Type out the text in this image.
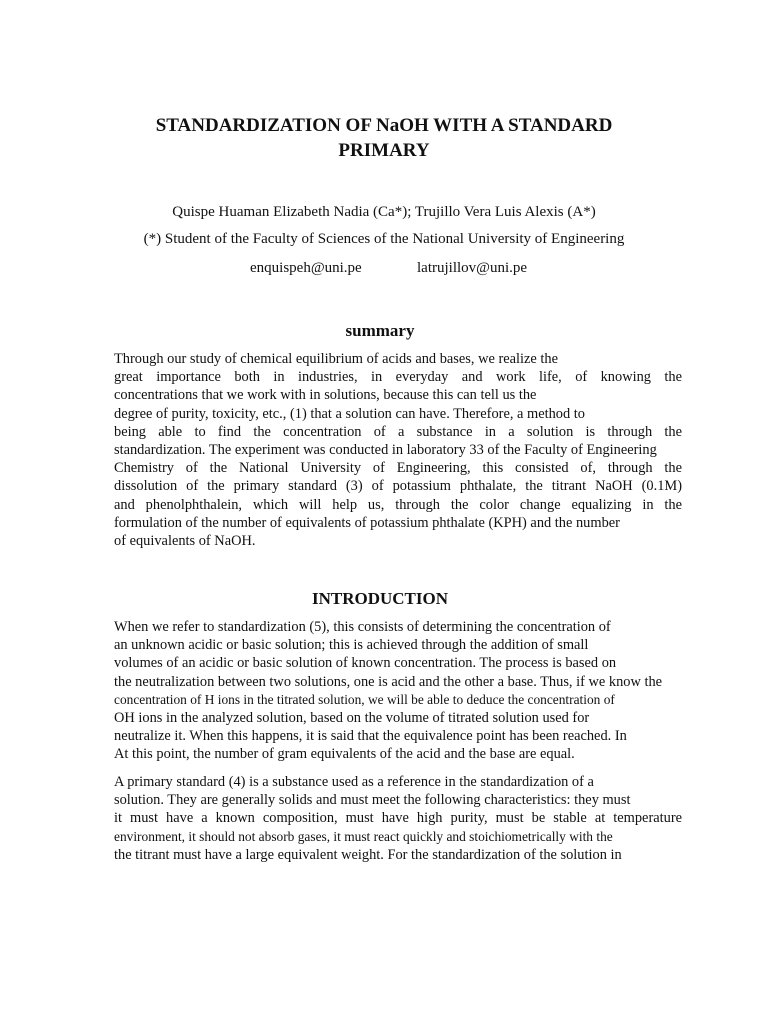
STANDARDIZATION OF NaOH WITH A STANDARD
PRIMARY
Quispe Huaman Elizabeth Nadia (Ca*); Trujillo Vera Luis Alexis (A*)
(*) Student of the Faculty of Sciences of the National University of Engineering
enquispeh@uni.pe	latrujillov@uni.pe
summary
Through our study of chemical equilibrium of acids and bases, we realize the
great importance both in industries, in everyday and work life, of knowing the
concentrations that we work with in solutions, because this can tell us the
degree of purity, toxicity, etc., (1) that a solution can have. Therefore, a method to
being able to find the concentration of a substance in a solution is through the
standardization. The experiment was conducted in laboratory 33 of the Faculty of Engineering
Chemistry of the National University of Engineering, this consisted of, through the
dissolution of the primary standard (3) of potassium phthalate, the titrant NaOH (0.1M)
and phenolphthalein, which will help us, through the color change equalizing in the
formulation of the number of equivalents of potassium phthalate (KPH) and the number
of equivalents of NaOH.
INTRODUCTION
When we refer to standardization (5), this consists of determining the concentration of
an unknown acidic or basic solution; this is achieved through the addition of small
volumes of an acidic or basic solution of known concentration. The process is based on
the neutralization between two solutions, one is acid and the other a base. Thus, if we know the
concentration of H ions in the titrated solution, we will be able to deduce the concentration of
OH ions in the analyzed solution, based on the volume of titrated solution used for
neutralize it. When this happens, it is said that the equivalence point has been reached. In
At this point, the number of gram equivalents of the acid and the base are equal.
A primary standard (4) is a substance used as a reference in the standardization of a
solution. They are generally solids and must meet the following characteristics: they must
it must have a known composition, must have high purity, must be stable at temperature
environment, it should not absorb gases, it must react quickly and stoichiometrically with the
the titrant must have a large equivalent weight. For the standardization of the solution in
